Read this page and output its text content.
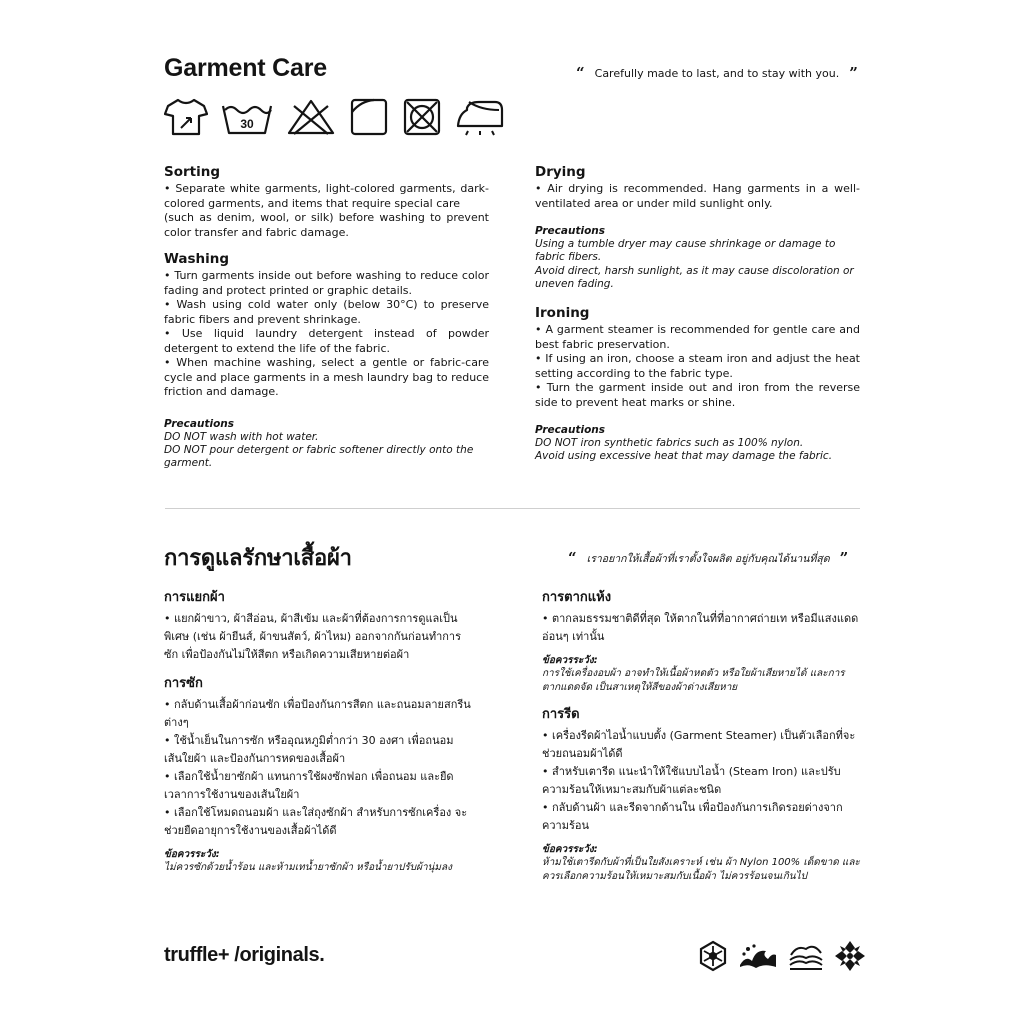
Garment Care	“ Carefully made to last, and to stay with you. ”
30
Sorting

• Separate white garments, light-colored garments, dark-colored garments, and items that require special care

(such as denim, wool, or silk) before washing to prevent color transfer and fabric damage.

Washing

• Turn garments inside out before washing to reduce color fading and protect printed or graphic details.

• Wash using cold water only (below 30°C) to preserve fabric fibers and prevent shrinkage.

• Use liquid laundry detergent instead of powder detergent to extend the life of the fabric.

• When machine washing, select a gentle or fabric-care cycle and place garments in a mesh laundry bag to reduce friction and damage.

Precautions

DO NOT wash with hot water.

DO NOT pour detergent or fabric softener directly onto the garment.

Drying

• Air drying is recommended. Hang garments in a well-ventilated area or under mild sunlight only.

Precautions

Using a tumble dryer may cause shrinkage or damage to fabric fibers.

Avoid direct, harsh sunlight, as it may cause discoloration or uneven fading.

Ironing

• A garment steamer is recommended for gentle care and best fabric preservation.

• If using an iron, choose a steam iron and adjust the heat setting according to the fabric type.

• Turn the garment inside out and iron from the reverse side to prevent heat marks or shine.

Precautions

DO NOT iron synthetic fabrics such as 100% nylon.

Avoid using excessive heat that may damage the fabric.

การดูแลรักษาเสื้อผ้า	“ เราอยากให้เสื้อผ้าที่เราตั้งใจผลิต อยู่กับคุณได้นานที่สุด ”
การแยกผ้า

• แยกผ้าขาว, ผ้าสีอ่อน, ผ้าสีเข้ม และผ้าที่ต้องการการดูแลเป็นพิเศษ (เช่น ผ้ายีนส์, ผ้าขนสัตว์, ผ้าไหม) ออกจากกันก่อนทำการซัก เพื่อป้องกันไม่ให้สีตก หรือเกิดความเสียหายต่อผ้า

การซัก

• กลับด้านเสื้อผ้าก่อนซัก เพื่อป้องกันการสีตก และถนอมลายสกรีนต่างๆ

• ใช้น้ำเย็นในการซัก หรืออุณหภูมิต่ำกว่า 30 องศา เพื่อถนอมเส้นใยผ้า และป้องกันการหดของเสื้อผ้า

• เลือกใช้น้ำยาซักผ้า แทนการใช้ผงซักฟอก เพื่อถนอม และยืดเวลาการใช้งานของเส้นใยผ้า

• เลือกใช้โหมดถนอมผ้า และใส่ถุงซักผ้า สำหรับการซักเครื่อง จะช่วยยืดอายุการใช้งานของเสื้อผ้าได้ดี

ข้อควรระวัง:

ไม่ควรซักด้วยน้ำร้อน และห้ามเทน้ำยาซักผ้า หรือน้ำยาปรับผ้านุ่มลง

การตากแห้ง

• ตากลมธรรมชาติดีที่สุด ให้ตากในที่ที่อากาศถ่ายเท หรือมีแสงแดดอ่อนๆ เท่านั้น

ข้อควรระวัง:

การใช้เครื่องอบผ้า อาจทำให้เนื้อผ้าหดตัว หรือใยผ้าเสียหายได้ และการตากแดดจัด เป็นสาเหตุให้สีของผ้าด่างเสียหาย

การรีด

• เครื่องรีดผ้าไอน้ำแบบตั้ง (Garment Steamer) เป็นตัวเลือกที่จะช่วยถนอมผ้าได้ดี

• สำหรับเตารีด แนะนำให้ใช้แบบไอน้ำ (Steam Iron) และปรับความร้อนให้เหมาะสมกับผ้าแต่ละชนิด

• กลับด้านผ้า และรีดจากด้านใน เพื่อป้องกันการเกิดรอยด่างจากความร้อน

ข้อควรระวัง:

ห้ามใช้เตารีดกับผ้าที่เป็นใยสังเคราะห์ เช่น ผ้า Nylon 100% เด็ดขาด และควรเลือกความร้อนให้เหมาะสมกับเนื้อผ้า ไม่ควรร้อนจนเกินไป

truffle+ /originals.
